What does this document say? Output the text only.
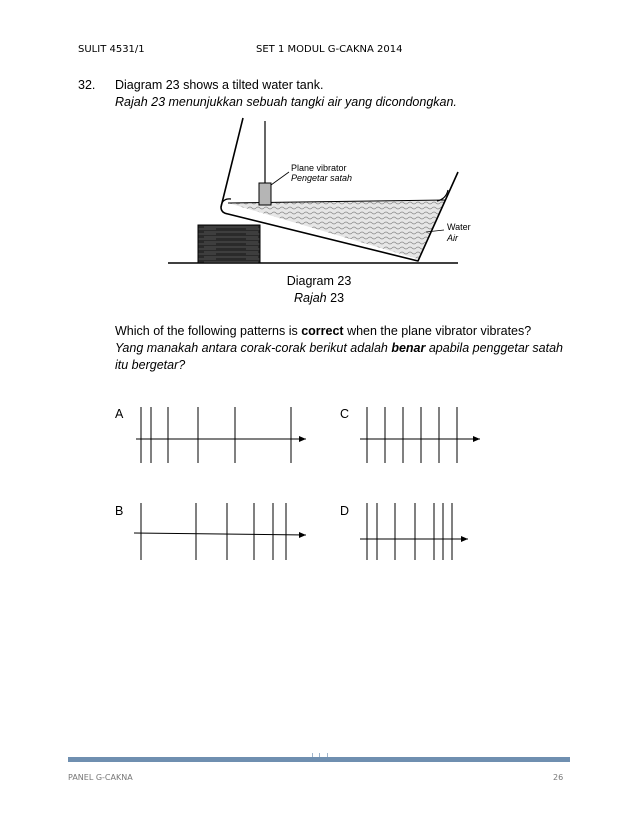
SULIT 4531/1	SET 1 MODUL G-CAKNA 2014
32. Diagram 23 shows a tilted water tank.
Rajah 23 menunjukkan sebuah tangki air yang dicondongkan.
Plane vibrator
Pengetar satah
Water
Air
Diagram 23
Rajah 23
Which of the following patterns is correct when the plane vibrator vibrates?
Yang manakah antara corak-corak berikut adalah benar apabila penggetar satah
itu bergetar?
A	C
B	D
PANEL G-CAKNA	26
